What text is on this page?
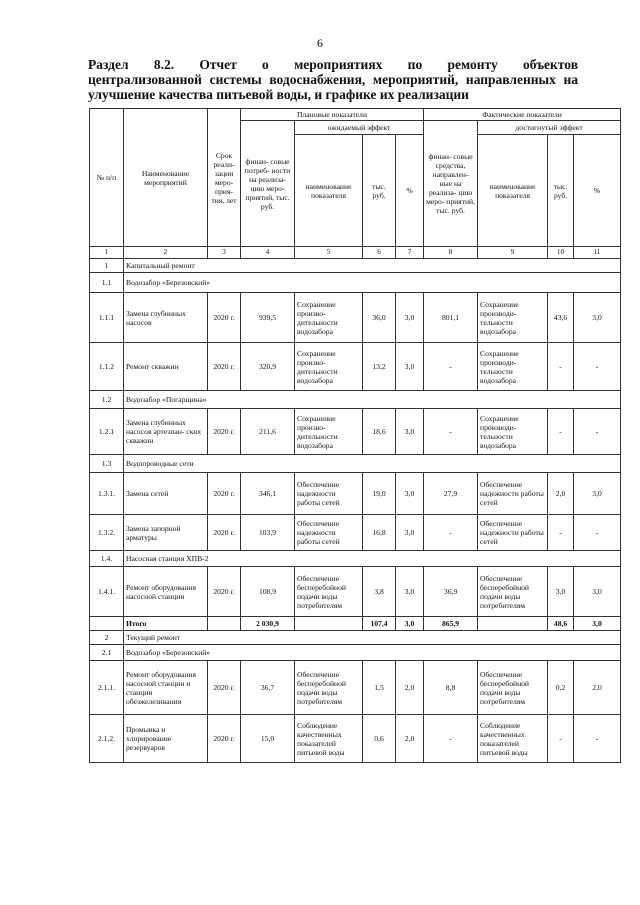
6
Раздел 8.2. Отчет о мероприятиях по ремонту объектов
централизованной системы водоснабжения, мероприятий, направленных на
улучшение качества питьевой воды, и графике их реализации
№ п/п	Наименование мероприятий	Срок реали- зации меро- прия- тия, лет	Плановые показатели				Фактические показатели			
			финан- совые потреб- ности на реализа- цию меро- приятий, тыс. руб.	ожидаемый эффект			финан- совые средства, направлен- ные на реализа- цию меро- приятий, тыс. руб.	достигнутый эффект		
				наименование показателя	тыс. руб.	%		наименование показателя	тыс. руб.	%
1	2	3	4	5	6	7	8	9	10	11
1	Капитальный ремонт									
1.1	Водозабор «Березовский»									
1.1.1	Замена глубинных насосов	2020 г.	939,5	Сохранение произво- дительности водозабора	36,0	3,0	801,1	Сохранение производи- тельности водозабора	43,6	3,0
1.1.2	Ремонт скважин	2020 г.	320,9	Сохранение произво- дительности водозабора	13,2	3,0	-	Сохранение производи- тельности водозабора	-	-
1.2	Водозабор «Погарщина»									
1.2.1	Замена глубинных насосов артезиан- ских скважин	2020 г.	211,6	Сохранение произво- дительности водозабора	18,6	3,0	-	Сохранение производи- тельности водозабора	-	-
1.3	Водопроводные сети									
1.3.1.	Замена сетей	2020 г.	346,1	Обеспечение надежности работы сетей	19,0	3,0	27,9	Обеспечение надежности работы сетей	2,0	3,0
1.3.2.	Замена запорной арматуры	2020 г.	103,9	Обеспечение надежности работы сетей	16,8	3,0	-	Обеспечение надежности работы сетей	-	-
1.4.	Насосная станция ХПВ-2									
1.4.1.	Ремонт оборудования насосной станции	2020 г.	108,9	Обеспечение бесперебойной подачи воды потребителям	3,8	3,0	36,9	Обеспечение бесперебойной подачи воды потребителям	3,0	3,0
	Итого		2 030,9		107,4	3,0	865,9		48,6	3,0
2	Текущий ремонт									
2.1	Водозабор «Березовский»									
2.1.1.	Ремонт оборудования насосной станции и станции обезжелезивания	2020 г.	36,7	Обеспечение бесперебойной подачи воды потребителям	1,5	2,0	8,8	Обеспечение бесперебойной подачи воды потребителям	0,2	2,0
2.1.2.	Промывка и хлорирование резервуаров	2020 г.	15,0	Соблюдение качественных показателей питьевой воды	0,6	2,0	-	Соблюдение качественных показателей питьевой воды	-	-
